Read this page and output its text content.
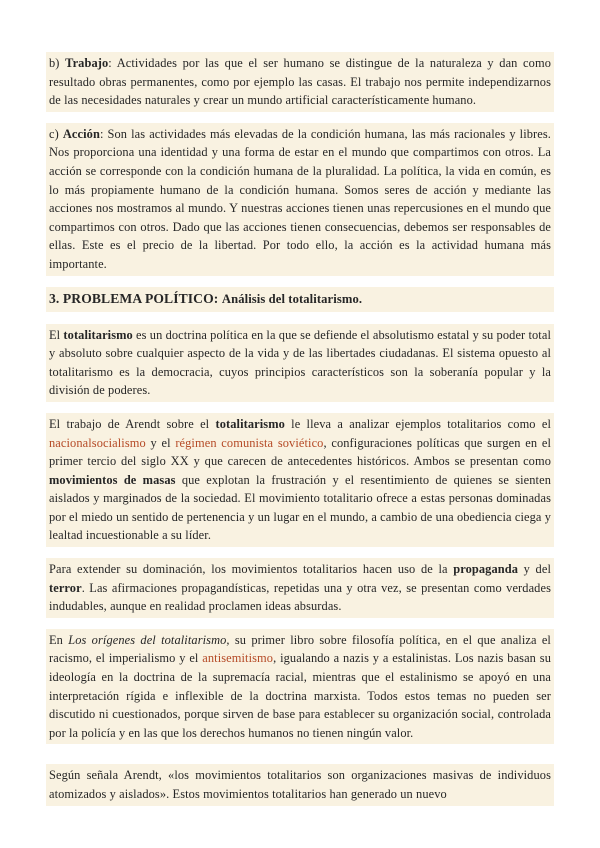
b) Trabajo: Actividades por las que el ser humano se distingue de la naturaleza y dan como resultado obras permanentes, como por ejemplo las casas. El trabajo nos permite independizarnos de las necesidades naturales y crear un mundo artificial característicamente humano.

c) Acción: Son las actividades más elevadas de la condición humana, las más racionales y libres. Nos proporciona una identidad y una forma de estar en el mundo que compartimos con otros. La acción se corresponde con la condición humana de la pluralidad. La política, la vida en común, es lo más propiamente humano de la condición humana. Somos seres de acción y mediante las acciones nos mostramos al mundo. Y nuestras acciones tienen unas repercusiones en el mundo que compartimos con otros. Dado que las acciones tienen consecuencias, debemos ser responsables de ellas. Este es el precio de la libertad. Por todo ello, la acción es la actividad humana más importante.

3. PROBLEMA POLÍTICO: Análisis del totalitarismo.

El totalitarismo es un doctrina política en la que se defiende el absolutismo estatal y su poder total y absoluto sobre cualquier aspecto de la vida y de las libertades ciudadanas. El sistema opuesto al totalitarismo es la democracia, cuyos principios característicos son la soberanía popular y la división de poderes.

El trabajo de Arendt sobre el totalitarismo le lleva a analizar ejemplos totalitarios como el nacionalsocialismo y el régimen comunista soviético, configuraciones políticas que surgen en el primer tercio del siglo XX y que carecen de antecedentes históricos. Ambos se presentan como movimientos de masas que explotan la frustración y el resentimiento de quienes se sienten aislados y marginados de la sociedad. El movimiento totalitario ofrece a estas personas dominadas por el miedo un sentido de pertenencia y un lugar en el mundo, a cambio de una obediencia ciega y lealtad incuestionable a su líder.

Para extender su dominación, los movimientos totalitarios hacen uso de la propaganda y del terror. Las afirmaciones propagandísticas, repetidas una y otra vez, se presentan como verdades indudables, aunque en realidad proclamen ideas absurdas.

En Los orígenes del totalitarismo, su primer libro sobre filosofía política, en el que analiza el racismo, el imperialismo y el antisemitismo, igualando a nazis y a estalinistas. Los nazis basan su ideología en la doctrina de la supremacía racial, mientras que el estalinismo se apoyó en una interpretación rígida e inflexible de la doctrina marxista. Todos estos temas no pueden ser discutido ni cuestionados, porque sirven de base para establecer su organización social, controlada por la policía y en las que los derechos humanos no tienen ningún valor.

Según señala Arendt, «los movimientos totalitarios son organizaciones masivas de individuos atomizados y aislados». Estos movimientos totalitarios han generado un nuevo
